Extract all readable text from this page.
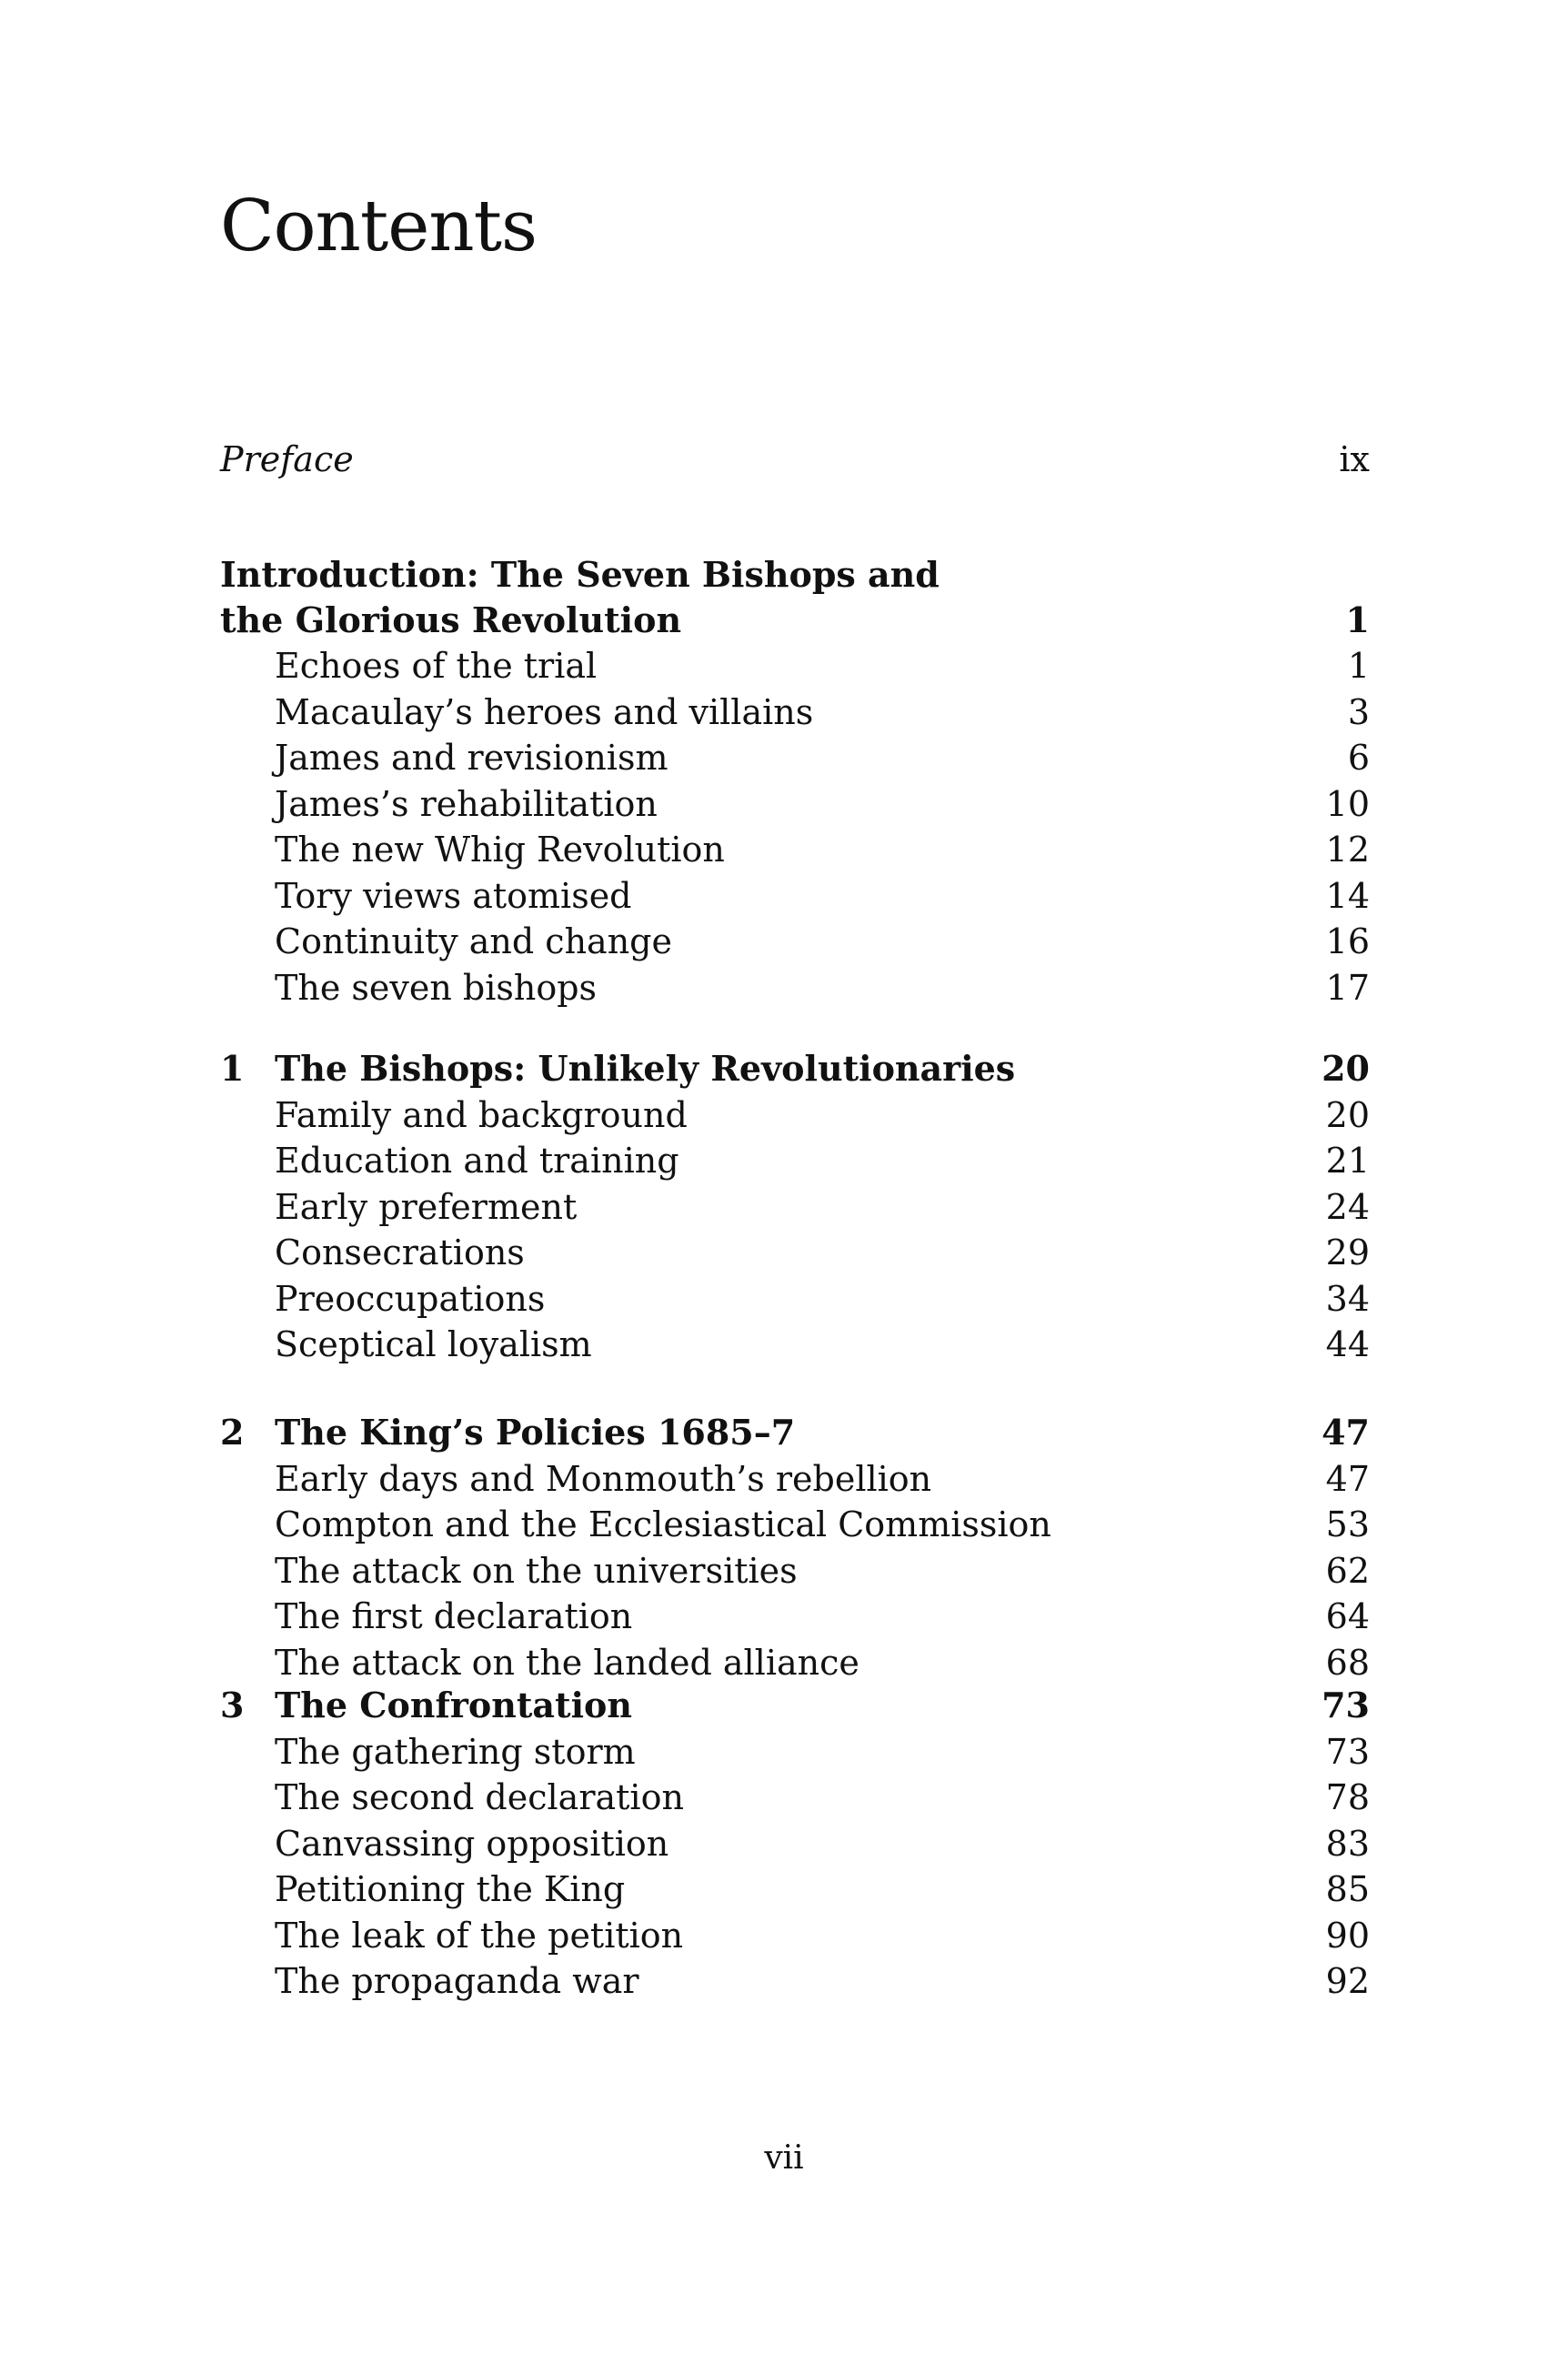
Contents
Preface	ix
Introduction: The Seven Bishops and
the Glorious Revolution	1
Echoes of the trial	1
Macaulay’s heroes and villains	3
James and revisionism	6
James’s rehabilitation	10
The new Whig Revolution	12
Tory views atomised	14
Continuity and change	16
The seven bishops	17
1 The Bishops: Unlikely Revolutionaries	20
Family and background	20
Education and training	21
Early preferment	24
Consecrations	29
Preoccupations	34
Sceptical loyalism	44
2 The King’s Policies 1685–7	47
Early days and Monmouth’s rebellion	47
Compton and the Ecclesiastical Commission	53
The attack on the universities	62
The first declaration	64
The attack on the landed alliance	68
3 The Confrontation	73
The gathering storm	73
The second declaration	78
Canvassing opposition	83
Petitioning the King	85
The leak of the petition	90
The propaganda war	92
vii
